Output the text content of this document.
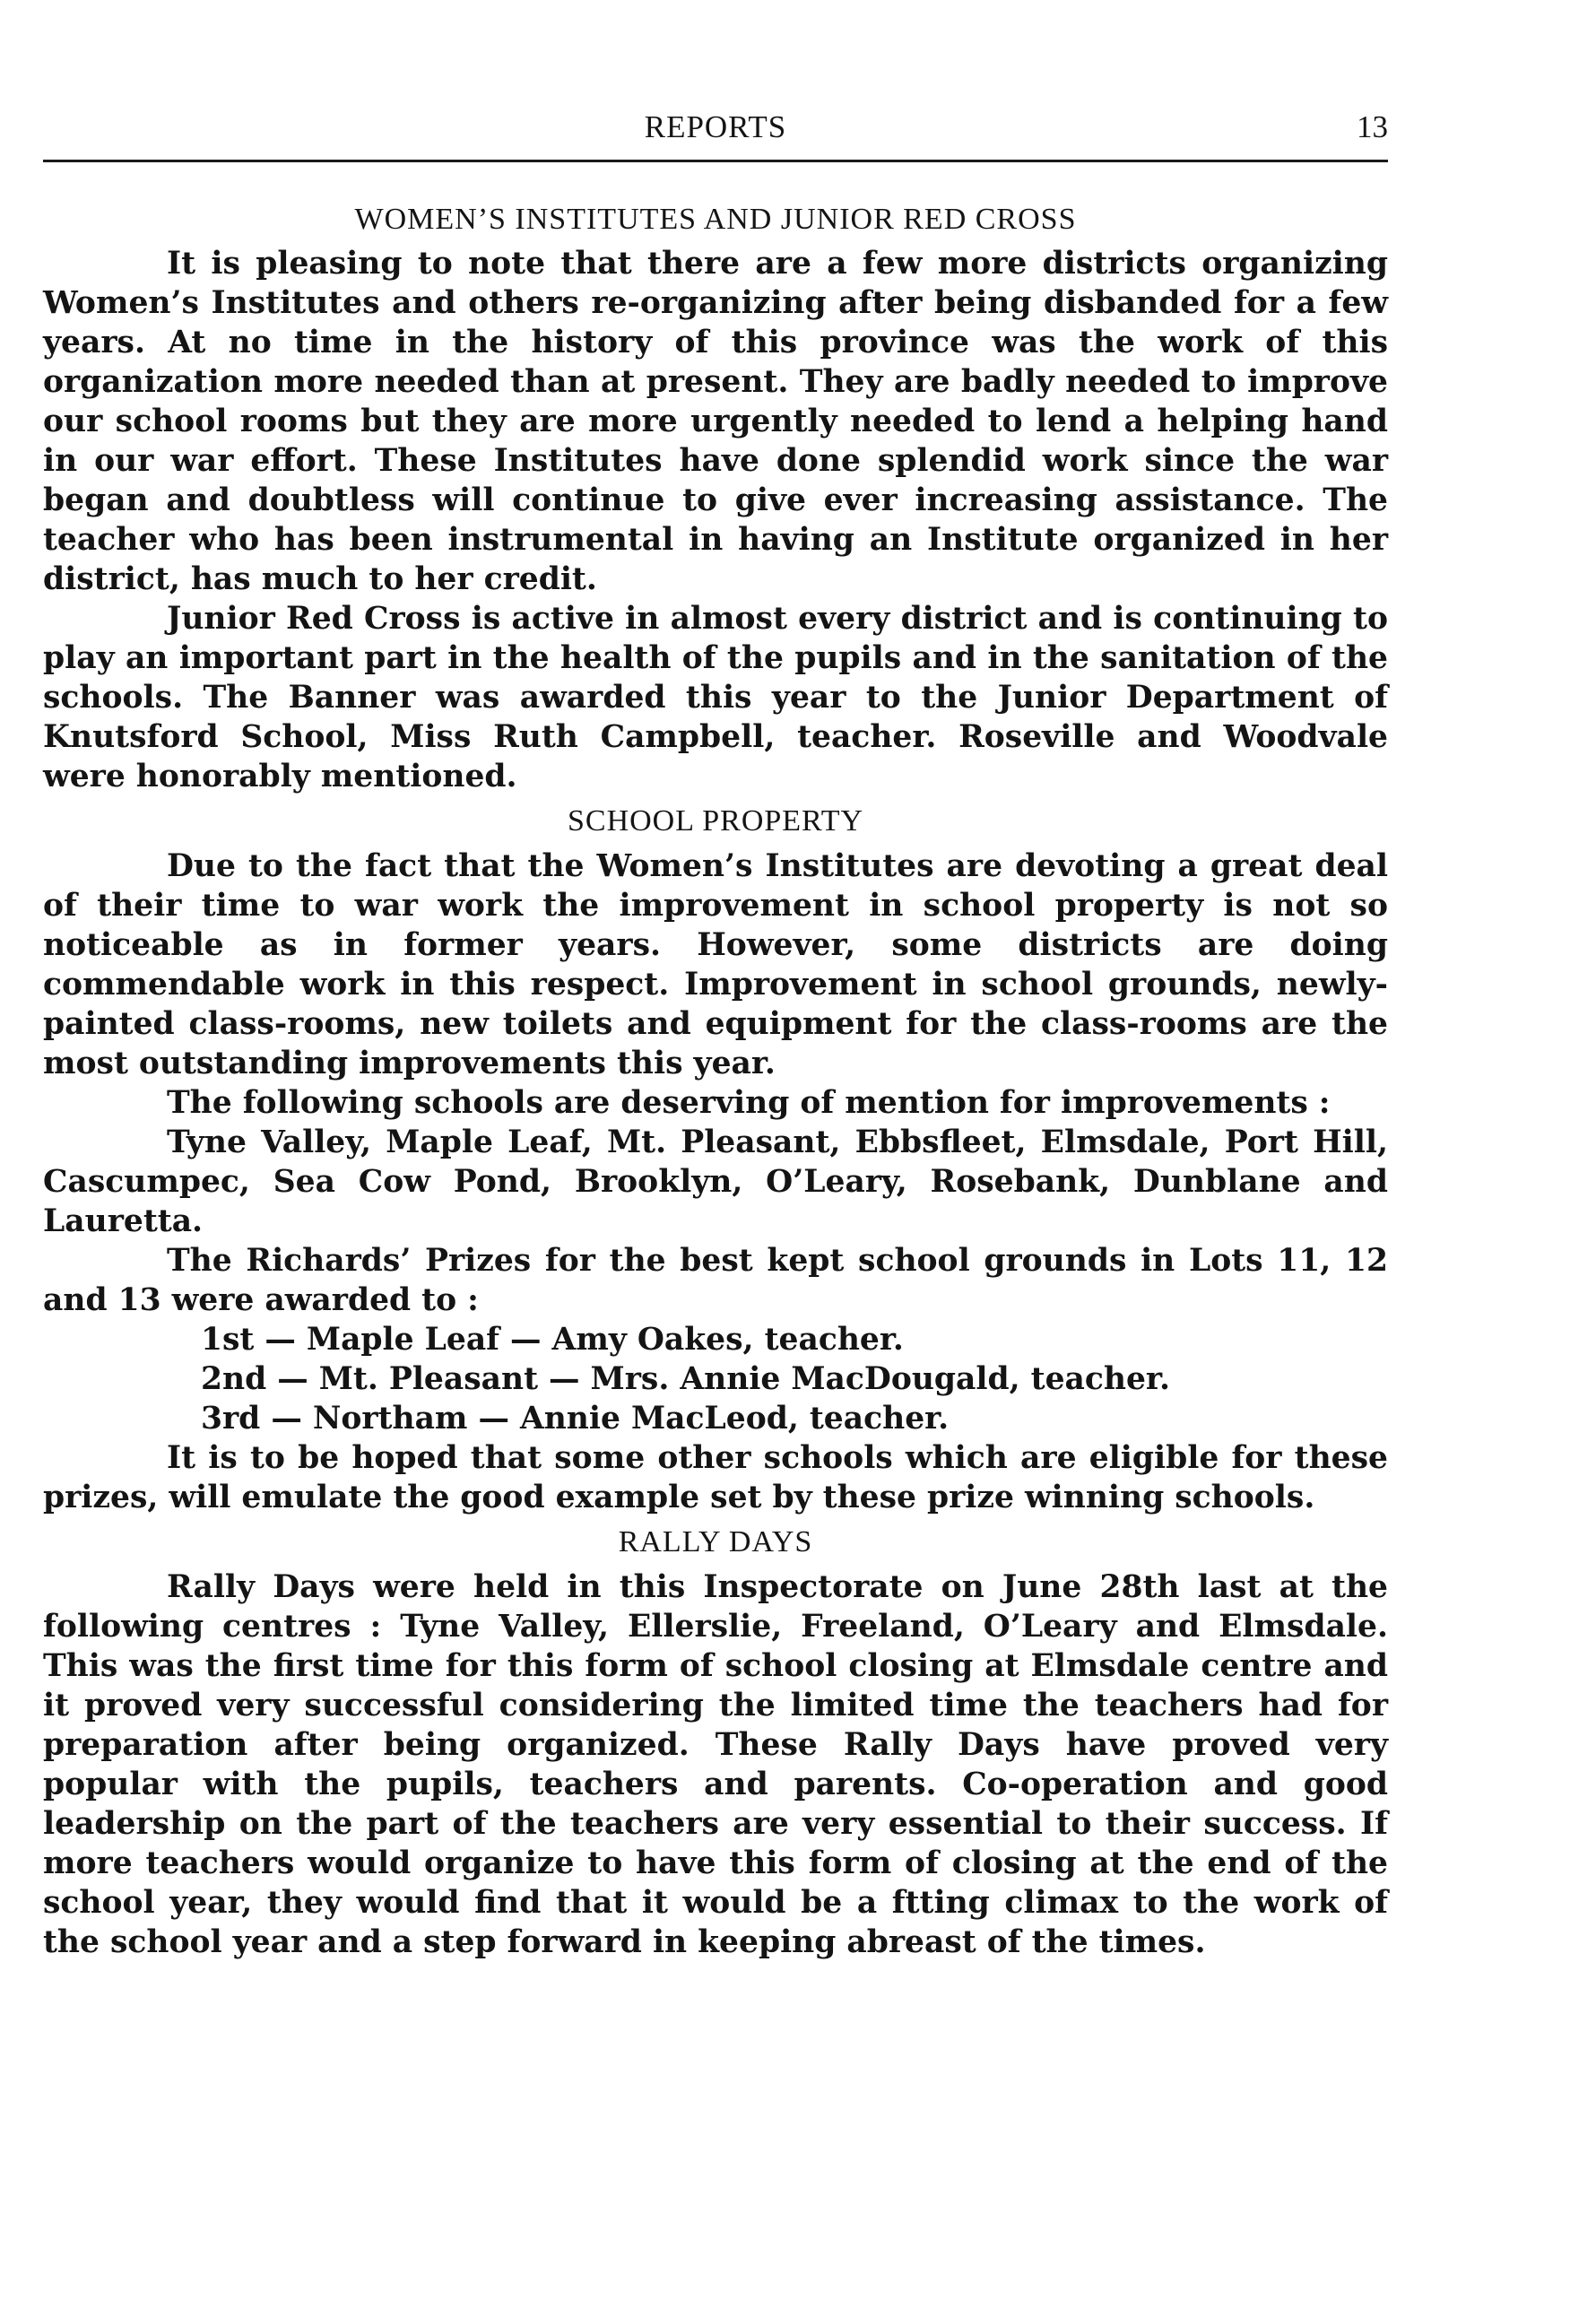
REPORTS	13
WOMEN’S INSTITUTES AND JUNIOR RED CROSS

It is pleasing to note that there are a few more districts organizing Women’s Institutes and others re-organizing after being disbanded for a few years. At no time in the history of this province was the work of this organization more needed than at present. They are badly needed to improve our school rooms but they are more urgently needed to lend a helping hand in our war effort. These Institutes have done splendid work since the war began and doubtless will continue to give ever increasing assistance. The teacher who has been instrumental in having an Institute organized in her district, has much to her credit.

Junior Red Cross is active in almost every district and is continuing to play an important part in the health of the pupils and in the sanitation of the schools. The Banner was awarded this year to the Junior Department of Knutsford School, Miss Ruth Campbell, teacher. Roseville and Woodvale were honorably mentioned.

SCHOOL PROPERTY

Due to the fact that the Women’s Institutes are devoting a great deal of their time to war work the improvement in school property is not so noticeable as in former years. However, some districts are doing commendable work in this respect. Improvement in school grounds, newly-painted class-rooms, new toilets and equipment for the class-rooms are the most outstanding improvements this year.

The following schools are deserving of mention for improvements :

Tyne Valley, Maple Leaf, Mt. Pleasant, Ebbsfleet, Elmsdale, Port Hill, Cascumpec, Sea Cow Pond, Brooklyn, O’Leary, Rosebank, Dunblane and Lauretta.

The Richards’ Prizes for the best kept school grounds in Lots 11, 12 and 13 were awarded to :

1st — Maple Leaf — Amy Oakes, teacher.
2nd — Mt. Pleasant — Mrs. Annie MacDougald, teacher.
3rd — Northam — Annie MacLeod, teacher.

It is to be hoped that some other schools which are eligible for these prizes, will emulate the good example set by these prize winning schools.

RALLY DAYS

Rally Days were held in this Inspectorate on June 28th last at the following centres : Tyne Valley, Ellerslie, Freeland, O’Leary and Elmsdale. This was the first time for this form of school closing at Elmsdale centre and it proved very successful considering the limited time the teachers had for preparation after being organized. These Rally Days have proved very popular with the pupils, teachers and parents. Co-operation and good leadership on the part of the teachers are very essential to their success. If more teachers would organize to have this form of closing at the end of the school year, they would find that it would be a ftting climax to the work of the school year and a step forward in keeping abreast of the times.
